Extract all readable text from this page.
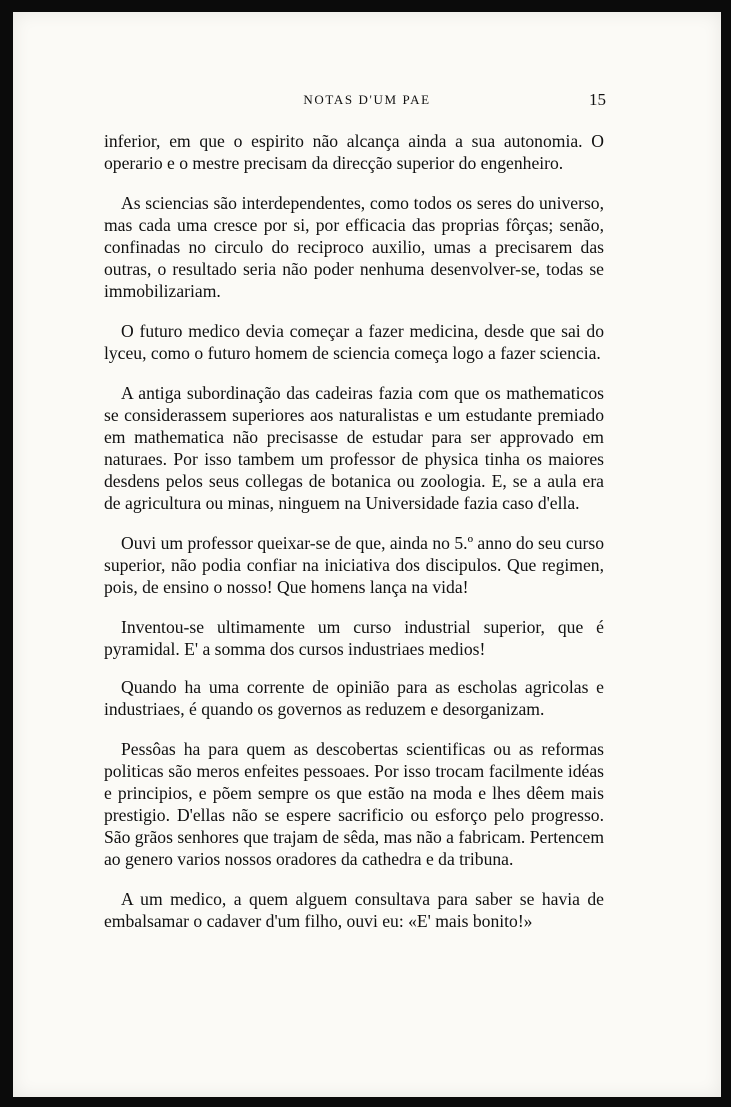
NOTAS D'UM PAE	15

inferior, em que o espirito não alcança ainda a sua autonomia. O operario e o mestre precisam da direcção superior do engenheiro.

As sciencias são interdependentes, como todos os seres do universo, mas cada uma cresce por si, por efficacia das proprias fôrças; senão, confinadas no circulo do reciproco auxilio, umas a precisarem das outras, o resultado seria não poder nenhuma desenvolver-se, todas se immobilizariam.

O futuro medico devia começar a fazer medicina, desde que sai do lyceu, como o futuro homem de sciencia começa logo a fazer sciencia.

A antiga subordinação das cadeiras fazia com que os mathematicos se considerassem superiores aos naturalistas e um estudante premiado em mathematica não precisasse de estudar para ser approvado em naturaes. Por isso tambem um professor de physica tinha os maiores desdens pelos seus collegas de botanica ou zoologia. E, se a aula era de agricultura ou minas, ninguem na Universidade fazia caso d'ella.

Ouvi um professor queixar-se de que, ainda no 5.º anno do seu curso superior, não podia confiar na iniciativa dos discipulos. Que regimen, pois, de ensino o nosso! Que homens lança na vida!

Inventou-se ultimamente um curso industrial superior, que é pyramidal. E' a somma dos cursos industriaes medios!

Quando ha uma corrente de opinião para as escholas agricolas e industriaes, é quando os governos as reduzem e desorganizam.

Pessôas ha para quem as descobertas scientificas ou as reformas politicas são meros enfeites pessoaes. Por isso trocam facilmente idéas e principios, e põem sempre os que estão na moda e lhes dêem mais prestigio. D'ellas não se espere sacrificio ou esforço pelo progresso. São grãos senhores que trajam de sêda, mas não a fabricam. Pertencem ao genero varios nossos oradores da cathedra e da tribuna.

A um medico, a quem alguem consultava para saber se havia de embalsamar o cadaver d'um filho, ouvi eu: «E' mais bonito!»
